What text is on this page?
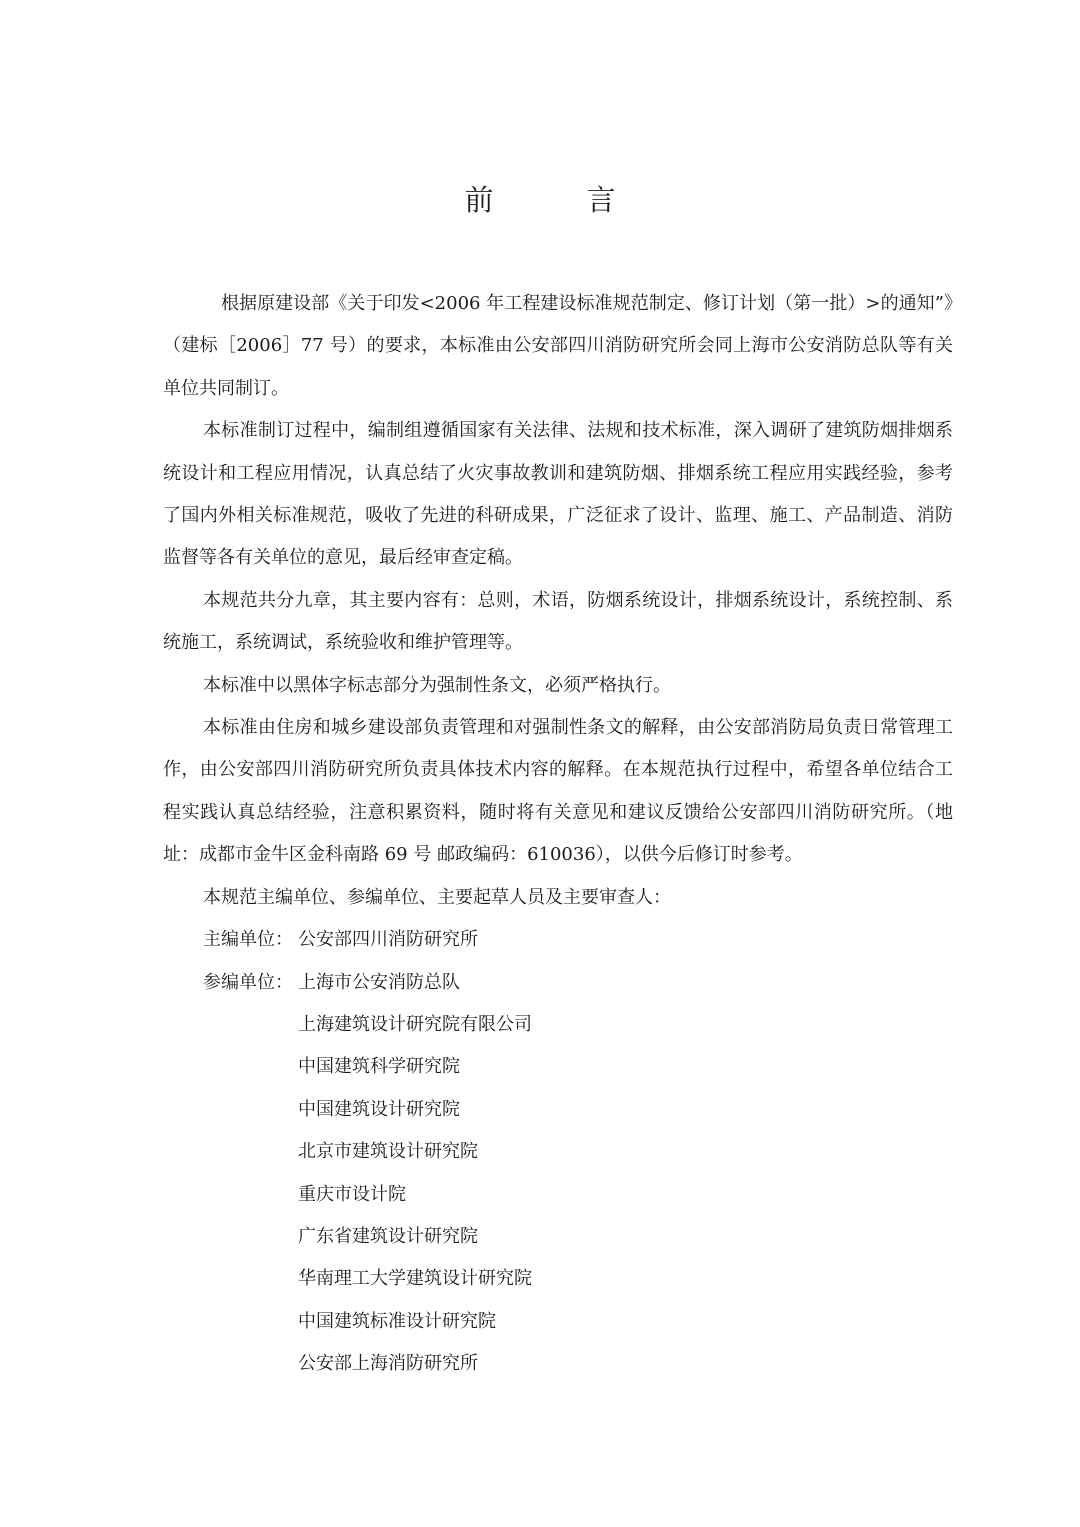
前　言

根据原建设部《关于印发<2006 年工程建设标准规范制定、修订计划（第一批）>的通知”》（建标［2006］77 号）的要求，本标准由公安部四川消防研究所会同上海市公安消防总队等有关单位共同制订。

本标准制订过程中，编制组遵循国家有关法律、法规和技术标准，深入调研了建筑防烟排烟系统设计和工程应用情况，认真总结了火灾事故教训和建筑防烟、排烟系统工程应用实践经验，参考了国内外相关标准规范，吸收了先进的科研成果，广泛征求了设计、监理、施工、产品制造、消防监督等各有关单位的意见，最后经审查定稿。

本规范共分九章，其主要内容有：总则，术语，防烟系统设计，排烟系统设计，系统控制、系统施工，系统调试，系统验收和维护管理等。

本标准中以黑体字标志部分为强制性条文，必须严格执行。

本标准由住房和城乡建设部负责管理和对强制性条文的解释，由公安部消防局负责日常管理工作，由公安部四川消防研究所负责具体技术内容的解释。在本规范执行过程中，希望各单位结合工程实践认真总结经验，注意积累资料，随时将有关意见和建议反馈给公安部四川消防研究所。（地址：成都市金牛区金科南路 69 号 邮政编码：610036），以供今后修订时参考。

本规范主编单位、参编单位、主要起草人员及主要审查人：

主编单位： 公安部四川消防研究所

参编单位： 上海市公安消防总队

上海建筑设计研究院有限公司

中国建筑科学研究院

中国建筑设计研究院

北京市建筑设计研究院

重庆市设计院

广东省建筑设计研究院

华南理工大学建筑设计研究院

中国建筑标准设计研究院

公安部上海消防研究所
